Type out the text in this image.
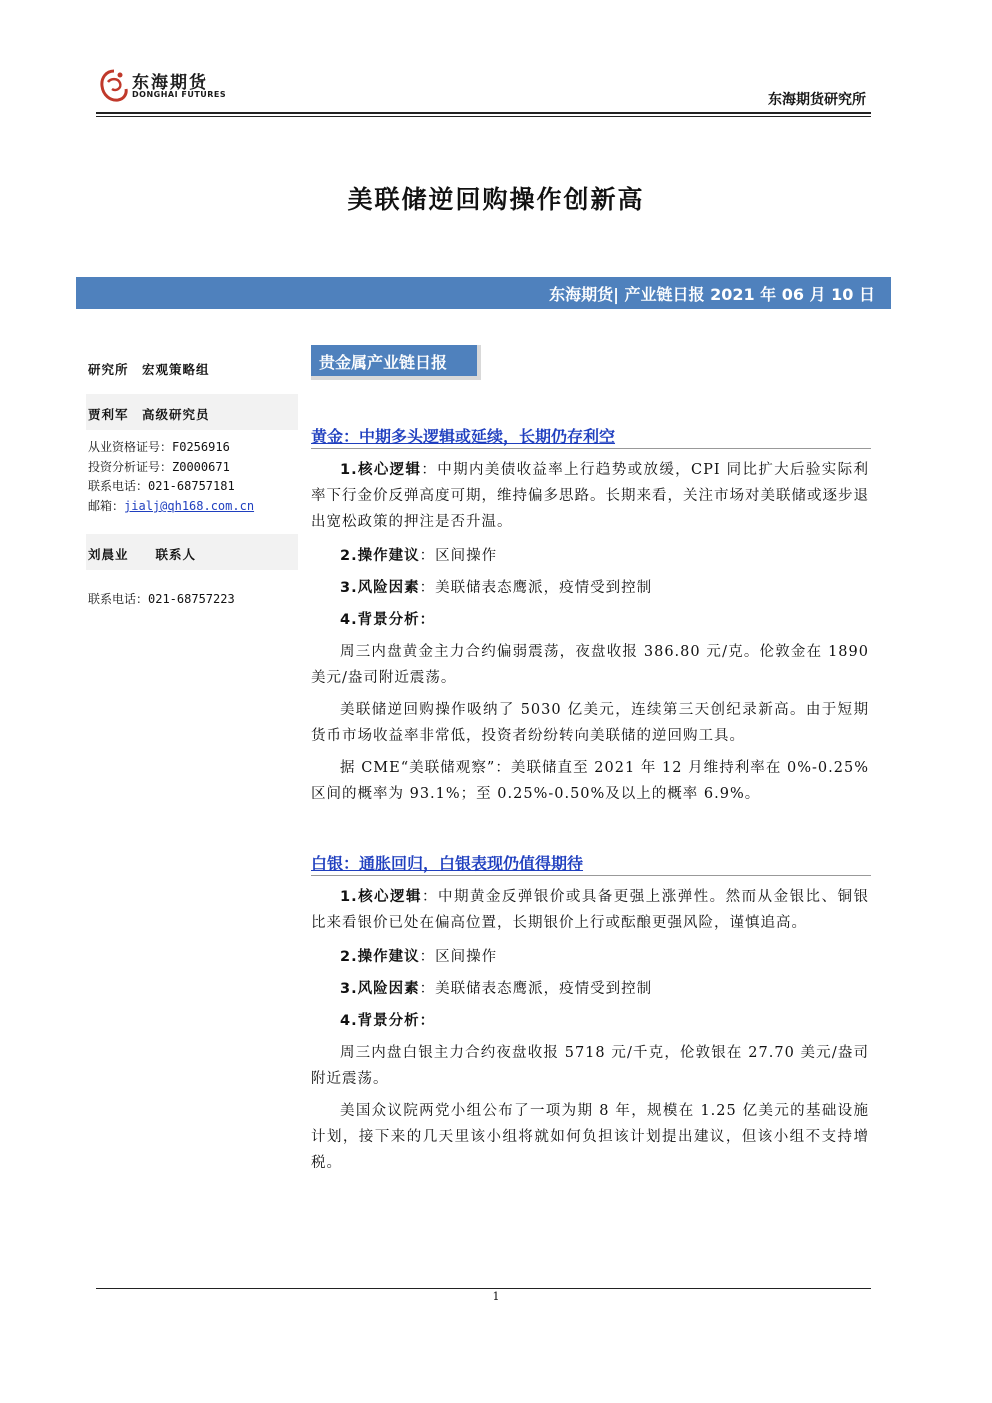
东海期货
DONGHAI FUTURES	东海期货研究所
美联储逆回购操作创新高
东海期货| 产业链日报 2021 年 06 月 10 日
研究所　宏观策略组
贾利军　高级研究员
从业资格证号：F0256916
投资分析证号：Z0000671
联系电话：021-68757181
邮箱：jialj@qh168.com.cn
刘晨业　　联系人
联系电话：021-68757223
贵金属产业链日报
黄金：中期多头逻辑或延续，长期仍存利空

1.核心逻辑：中期内美债收益率上行趋势或放缓，CPI 同比扩大后验实际利率下行金价反弹高度可期，维持偏多思路。长期来看，关注市场对美联储或逐步退出宽松政策的押注是否升温。

2.操作建议：区间操作

3.风险因素：美联储表态鹰派，疫情受到控制

4.背景分析：

周三内盘黄金主力合约偏弱震荡，夜盘收报 386.80 元/克。伦敦金在 1890 美元/盎司附近震荡。

美联储逆回购操作吸纳了 5030 亿美元，连续第三天创纪录新高。由于短期货币市场收益率非常低，投资者纷纷转向美联储的逆回购工具。

据 CME“美联储观察”：美联储直至 2021 年 12 月维持利率在 0%-0.25%区间的概率为 93.1%；至 0.25%-0.50%及以上的概率 6.9%。

白银：通胀回归，白银表现仍值得期待

1.核心逻辑：中期黄金反弹银价或具备更强上涨弹性。然而从金银比、铜银比来看银价已处在偏高位置，长期银价上行或酝酿更强风险，谨慎追高。

2.操作建议：区间操作

3.风险因素：美联储表态鹰派，疫情受到控制

4.背景分析：

周三内盘白银主力合约夜盘收报 5718 元/千克，伦敦银在 27.70 美元/盎司附近震荡。

美国众议院两党小组公布了一项为期 8 年，规模在 1.25 亿美元的基础设施计划，接下来的几天里该小组将就如何负担该计划提出建议，但该小组不支持增税。

1
